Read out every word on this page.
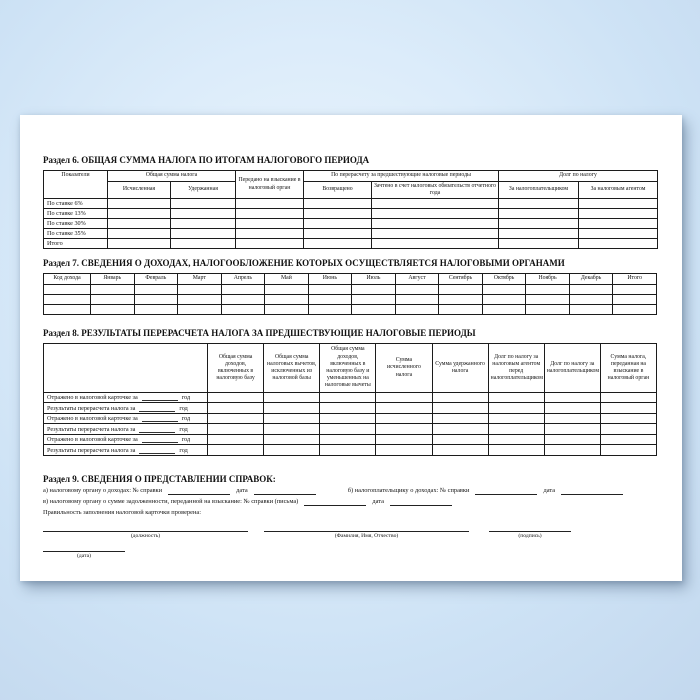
Раздел 6. ОБЩАЯ СУММА НАЛОГА ПО ИТОГАМ НАЛОГОВОГО ПЕРИОДА
Показатели	Общая сумма налога		Передано на взыскание в налоговый орган	По перерасчету за предшествующие налоговые периоды		Долг по налогу	
	Исчисленная	Удержанная		Возвращено	Зачтено в счет налоговых обязательств отчетного года	За налогоплательщиком	За налоговым агентом
По ставке 6%							
По ставке 13%							
По ставке 30%							
По ставке 35%							
Итого							
Раздел 7. СВЕДЕНИЯ О ДОХОДАХ, НАЛОГООБЛОЖЕНИЕ КОТОРЫХ ОСУЩЕСТВЛЯЕТСЯ НАЛОГОВЫМИ ОРГАНАМИ
Код дохода	Январь	Февраль	Март	Апрель	Май	Июнь	Июль	Август	Сентябрь	Октябрь	Ноябрь	Декабрь	Итого

Раздел 8. РЕЗУЛЬТАТЫ ПЕРЕРАСЧЕТА НАЛОГА ЗА ПРЕДШЕСТВУЮЩИЕ НАЛОГОВЫЕ ПЕРИОДЫ
	Общая сумма доходов, включенных в налоговую базу	Общая сумма налоговых вычетов, исключенных из налоговой базы	Общая сумма доходов, включенных в налоговую базу и уменьшенных на налоговые вычеты	Сумма исчисленного налога	Сумма удержанного налога	Долг по налогу за налоговым агентом перед налогоплательщиком	Долг по налогу за налогоплательщиком	Сумма налога, переданная на взыскание в налоговый орган

Отражено в налоговой карточке за год								

Результаты перерасчета налога за год								

Отражено в налоговой карточке за год								

Результаты перерасчета налога за год								

Отражено в налоговой карточке за год								

Результаты перерасчета налога за год								

Раздел 9. СВЕДЕНИЯ О ПРЕДСТАВЛЕНИИ СПРАВОК:
а) налоговому органу о доходах: № справки	дата	б) налогоплательщику о доходах: № справки	дата
в) налоговому органу о сумме задолженности, переданной на взыскание: № справки (письма)	дата
Правильность заполнения налоговой карточки проверена:
(должность)	(Фамилия, Имя, Отчество)	(подпись)
(дата)
